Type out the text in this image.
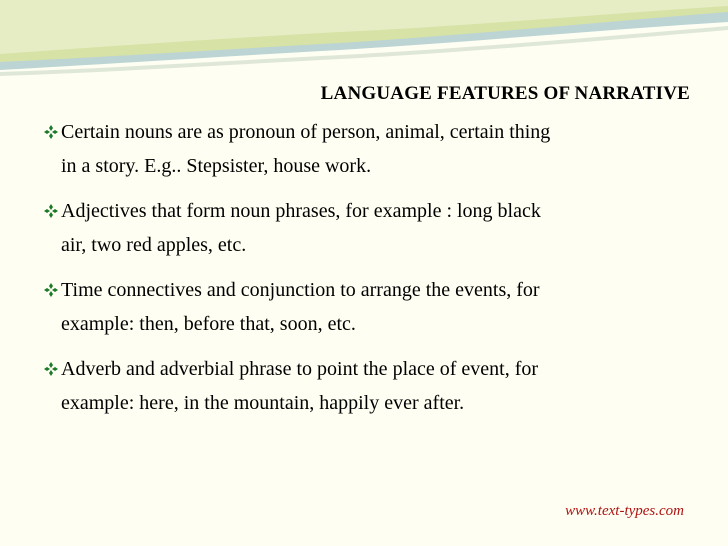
LANGUAGE FEATURES OF NARRATIVE
Certain nouns are as pronoun of person, animal, certain thing
in a story. E.g.. Stepsister, house work.
Adjectives that form noun phrases, for example : long black
air, two red apples, etc.
Time connectives and conjunction to arrange the events, for
example: then, before that, soon, etc.
Adverb and adverbial phrase to point the place of event, for
example: here, in the mountain, happily ever after.
www.text-types.com
